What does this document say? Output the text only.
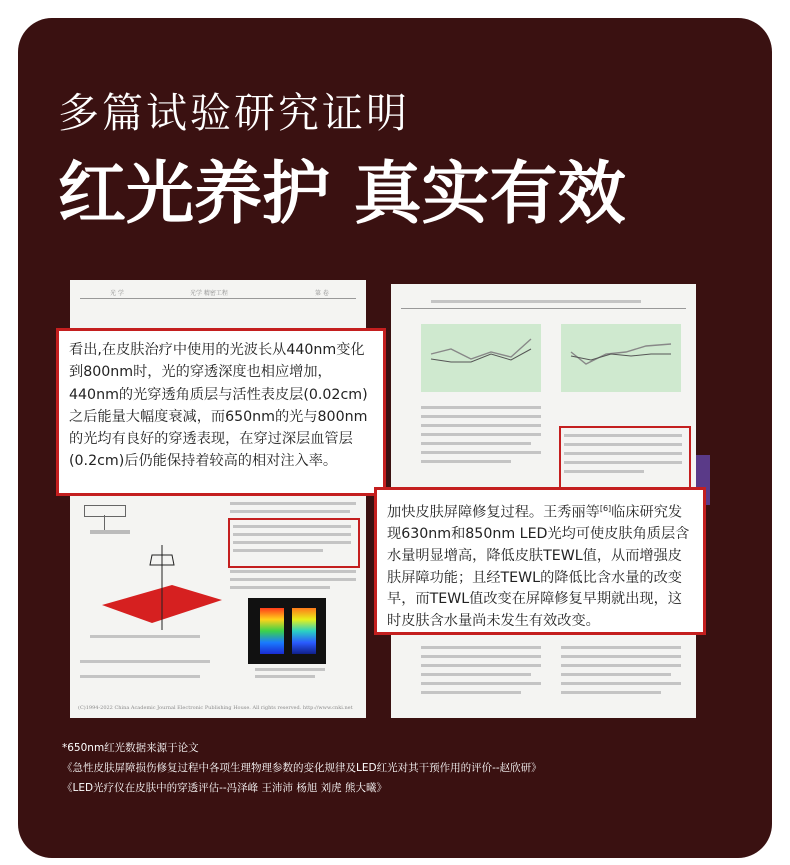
多篇试验研究证明
红光养护 真实有效
光 学	光学 精密工程	第 卷
(C)1994-2022 China Academic Journal Electronic Publishing House. All rights reserved. http://www.cnki.net
看出,在皮肤治疗中使用的光波长从440nm变化到800nm时，光的穿透深度也相应增加，440nm的光穿透角质层与活性表皮层(0.02cm)之后能量大幅度衰减，而650nm的光与800nm的光均有良好的穿透表现，在穿过深层血管层(0.2cm)后仍能保持着较高的相对注入率。
加快皮肤屏障修复过程。王秀丽等[6]临床研究发现630nm和850nm LED光均可使皮肤角质层含水量明显增高，降低皮肤TEWL值，从而增强皮肤屏障功能；且经TEWL的降低比含水量的改变早，而TEWL值改变在屏障修复早期就出现，这时皮肤含水量尚未发生有效改变。
*650nm红光数据来源于论文
《急性皮肤屏障损伤修复过程中各项生理物理参数的变化规律及LED红光对其干预作用的评价--赵欣研》
《LED光疗仪在皮肤中的穿透评估--冯泽峰 王沛沛 杨旭 刘虎 熊大曦》
